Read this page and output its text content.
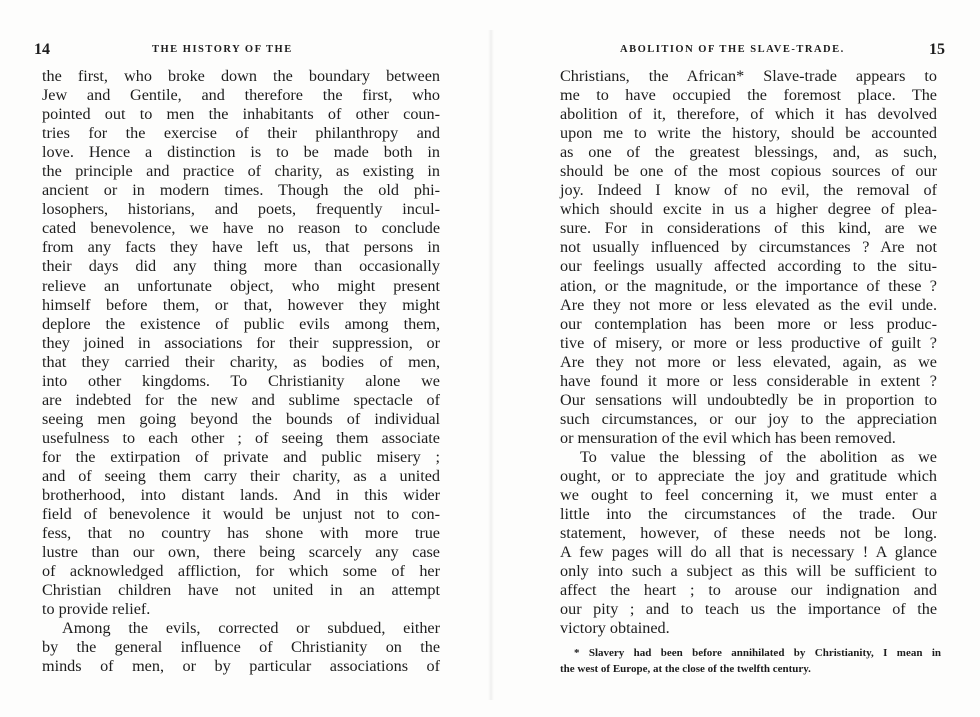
14	THE HISTORY OF THE
the first, who broke down the boundary between
Jew and Gentile, and therefore the first, who
pointed out to men the inhabitants of other coun-
tries for the exercise of their philanthropy and
love. Hence a distinction is to be made both in
the principle and practice of charity, as existing in
ancient or in modern times. Though the old phi-
losophers, historians, and poets, frequently incul-
cated benevolence, we have no reason to conclude
from any facts they have left us, that persons in
their days did any thing more than occasionally
relieve an unfortunate object, who might present
himself before them, or that, however they might
deplore the existence of public evils among them,
they joined in associations for their suppression, or
that they carried their charity, as bodies of men,
into other kingdoms. To Christianity alone we
are indebted for the new and sublime spectacle of
seeing men going beyond the bounds of individual
usefulness to each other ; of seeing them associate
for the extirpation of private and public misery ;
and of seeing them carry their charity, as a united
brotherhood, into distant lands. And in this wider
field of benevolence it would be unjust not to con-
fess, that no country has shone with more true
lustre than our own, there being scarcely any case
of acknowledged affliction, for which some of her
Christian children have not united in an attempt
to provide relief.
Among the evils, corrected or subdued, either
by the general influence of Christianity on the
minds of men, or by particular associations of
ABOLITION OF THE SLAVE-TRADE.	15
Christians, the African* Slave-trade appears to
me to have occupied the foremost place. The
abolition of it, therefore, of which it has devolved
upon me to write the history, should be accounted
as one of the greatest blessings, and, as such,
should be one of the most copious sources of our
joy. Indeed I know of no evil, the removal of
which should excite in us a higher degree of plea-
sure. For in considerations of this kind, are we
not usually influenced by circumstances ? Are not
our feelings usually affected according to the situ-
ation, or the magnitude, or the importance of these ?
Are they not more or less elevated as the evil unde.
our contemplation has been more or less produc-
tive of misery, or more or less productive of guilt ?
Are they not more or less elevated, again, as we
have found it more or less considerable in extent ?
Our sensations will undoubtedly be in proportion to
such circumstances, or our joy to the appreciation
or mensuration of the evil which has been removed.
To value the blessing of the abolition as we
ought, or to appreciate the joy and gratitude which
we ought to feel concerning it, we must enter a
little into the circumstances of the trade. Our
statement, however, of these needs not be long.
A few pages will do all that is necessary ! A glance
only into such a subject as this will be sufficient to
affect the heart ; to arouse our indignation and
our pity ; and to teach us the importance of the
victory obtained.
* Slavery had been before annihilated by Christianity, I mean in
the west of Europe, at the close of the twelfth century.
